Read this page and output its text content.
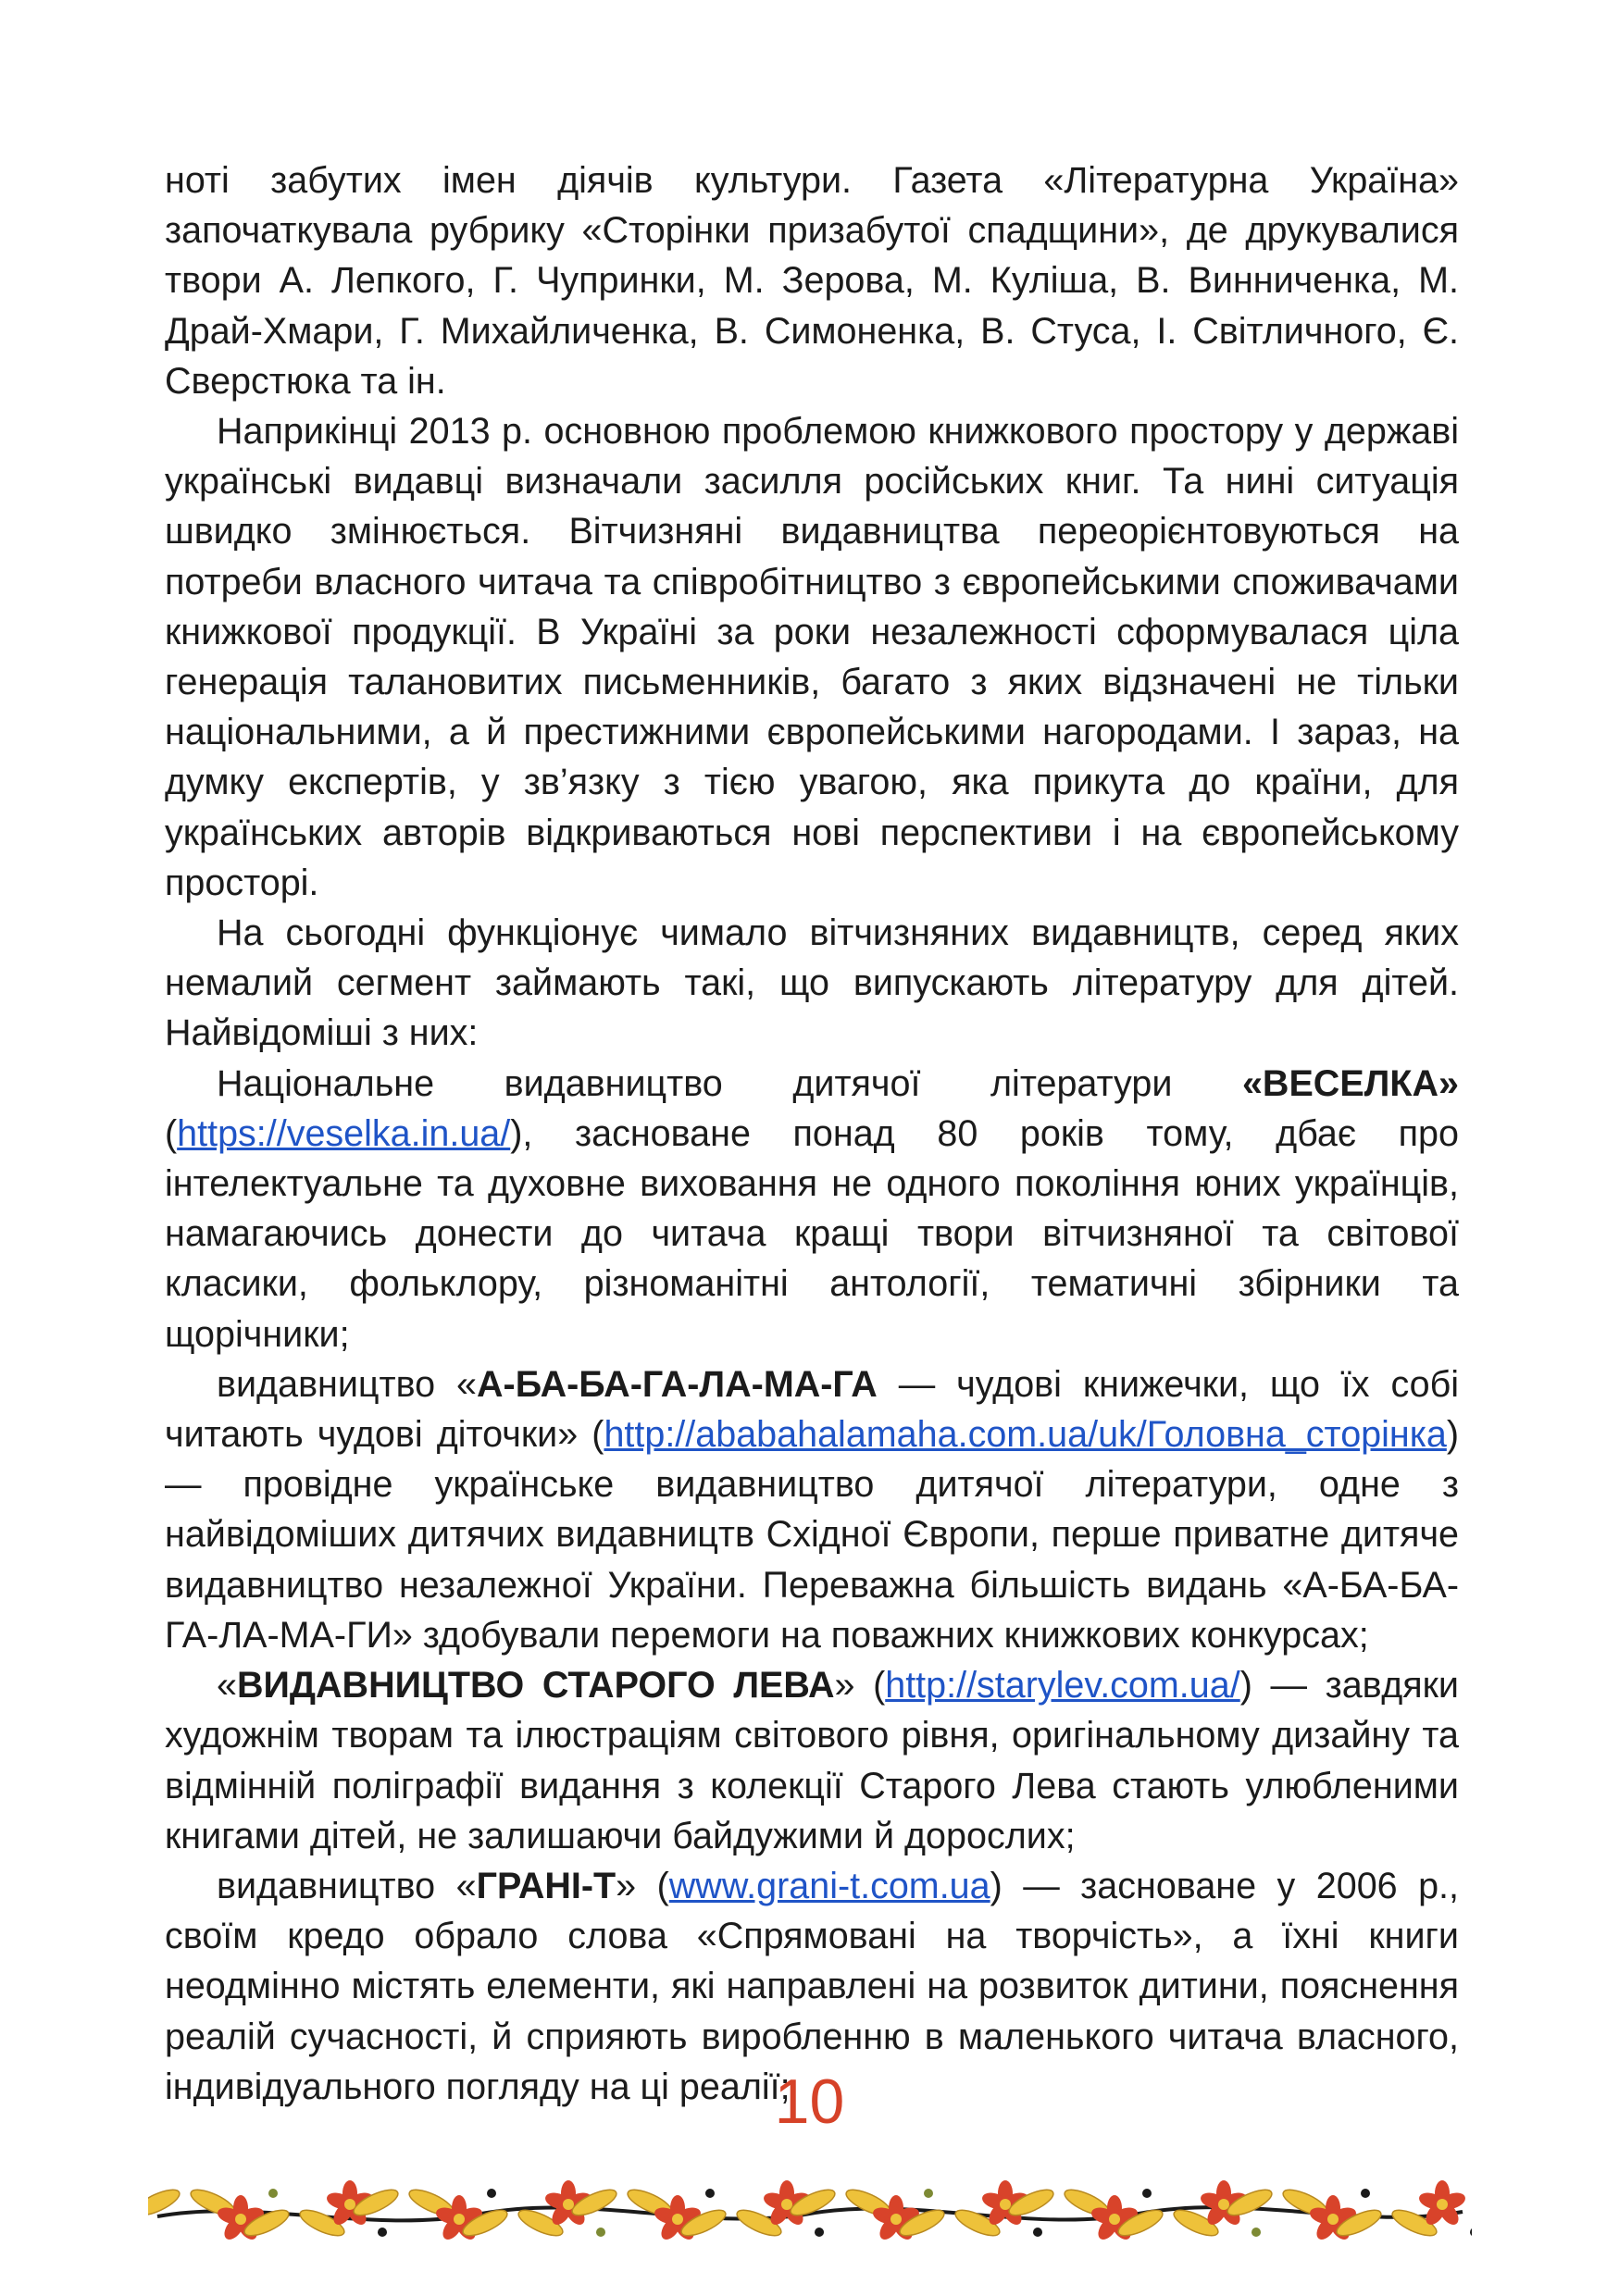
ноті забутих імен діячів культури. Газета «Літературна Україна» започаткувала рубрику «Сторінки призабутої спадщини», де друкувалися твори А. Лепкого, Г. Чупринки, М. Зерова, М. Куліша, В. Винниченка, М. Драй-Хмари, Г. Михайличенка, В. Симоненка, В. Стуса, І. Світличного, Є. Сверстюка та ін.

Наприкінці 2013 р. основною проблемою книжкового простору у державі українські видавці визначали засилля російських книг. Та нині ситуація швидко змінюється. Вітчизняні видавництва переорієнтовуються на потреби власного читача та співробітництво з європейськими споживачами книжкової продукції. В Україні за роки незалежності сформувалася ціла генерація талановитих письменників, багато з яких відзначені не тільки національними, а й престижними європейськими нагородами. І зараз, на думку експертів, у зв’язку з тією увагою, яка прикута до країни, для українських авторів відкриваються нові перспективи і на європейському просторі.

На сьогодні функціонує чимало вітчизняних видавництв, серед яких немалий сегмент займають такі, що випускають літературу для дітей. Найвідоміші з них:

Національне видавництво дитячої літератури «ВЕСЕЛКА» (https://veselka.in.ua/), засноване понад 80 років тому, дбає про інтелектуальне та духовне виховання не одного покоління юних українців, намагаючись донести до читача кращі твори вітчизняної та світової класики, фольклору, різноманітні антології, тематичні збірники та щорічники;

видавництво «А-БА-БА-ГА-ЛА-МА-ГА — чудові книжечки, що їх собі читають чудові діточки» (http://ababahalamaha.com.ua/uk/Головна_сторінка) — провідне українське видавництво дитячої літератури, одне з найвідоміших дитячих видавництв Східної Європи, перше приватне дитяче видавництво незалежної України. Переважна більшість видань «А-БА-БА-ГА-ЛА-МА-ГИ» здобували перемоги на поважних книжкових конкурсах;

«ВИДАВНИЦТВО СТАРОГО ЛЕВА» (http://starylev.com.ua/) — завдяки художнім творам та ілюстраціям світового рівня, оригінальному дизайну та відмінній поліграфії видання з колекції Старого Лева стають улюбленими книгами дітей, не залишаючи байдужими й дорослих;

видавництво «ГРАНІ-Т» (www.grani-t.com.ua) — засноване у 2006 р., своїм кредо обрало слова «Спрямовані на творчість», а їхні книги неодмінно містять елементи, які направлені на розвиток дитини, пояснення реалій сучасності, й сприяють виробленню в маленького читача власного, індивідуального погляду на ці реалії;

10
